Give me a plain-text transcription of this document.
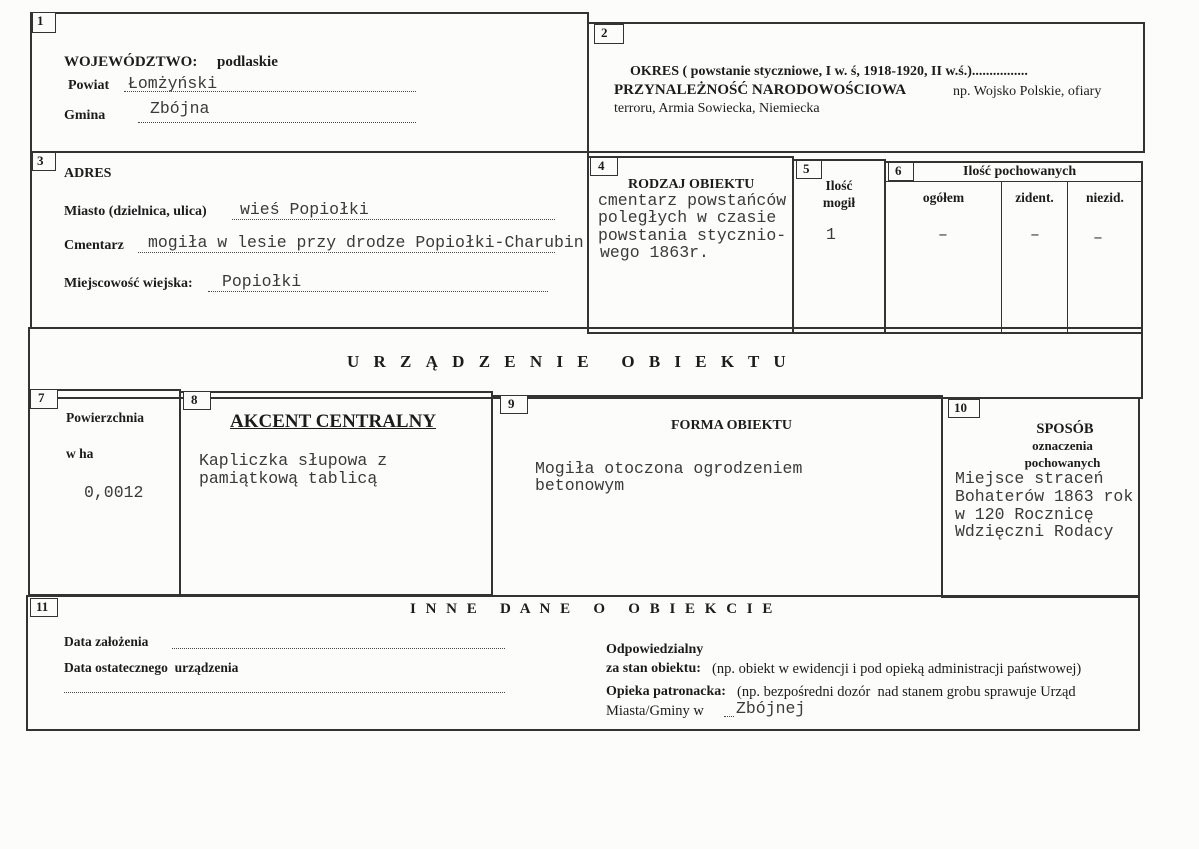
1
WOJEWÓDZTWO: podlaskie
Powiat Łomżyński
Gmina	Zbójna
2
OKRES ( powstanie styczniowe, I w. ś, 1918-1920, II w.ś.)................
PRZYNALEŻNOŚĆ NARODOWOŚCIOWA	np. Wojsko Polskie, ofiary
terroru, Armia Sowiecka, Niemiecka
3
ADRES
Miasto (dzielnica, ulica) wieś Popiołki
Cmentarz mogiła w lesie przy drodze Popiołki-Charubin
Miejscowość wiejska: Popiołki
4
RODZAJ OBIEKTU
cmentarz powstańców
poległych w czasie
powstania stycznio-
wego 1863r.
5
Ilość
mogił
1
6	Ilość pochowanych
ogółem	zident.	niezid.
–	–	–
U R Z Ą D Z E N I E   O B I E K T U
7
Powierzchnia
w ha
0,0012
8
AKCENT CENTRALNY
Kapliczka słupowa z
pamiątkową tablicą
9
FORMA OBIEKTU
Mogiła otoczona ogrodzeniem
betonowym
10
SPOSÓB
oznaczenia
pochowanych
Miejsce straceń
Bohaterów 1863 rok
w 120 Rocznicę
Wdzięczni Rodacy
11	I N N E   D A N E   O   O B I E K C I E
Data założenia
Data ostatecznego  urządzenia
Odpowiedzialny
za stan obiektu: (np. obiekt w ewidencji i pod opieką administracji państwowej)
Opieka patronacka: (np. bezpośredni dozór  nad stanem grobu sprawuje Urząd
Miasta/Gminy w Zbójnej
